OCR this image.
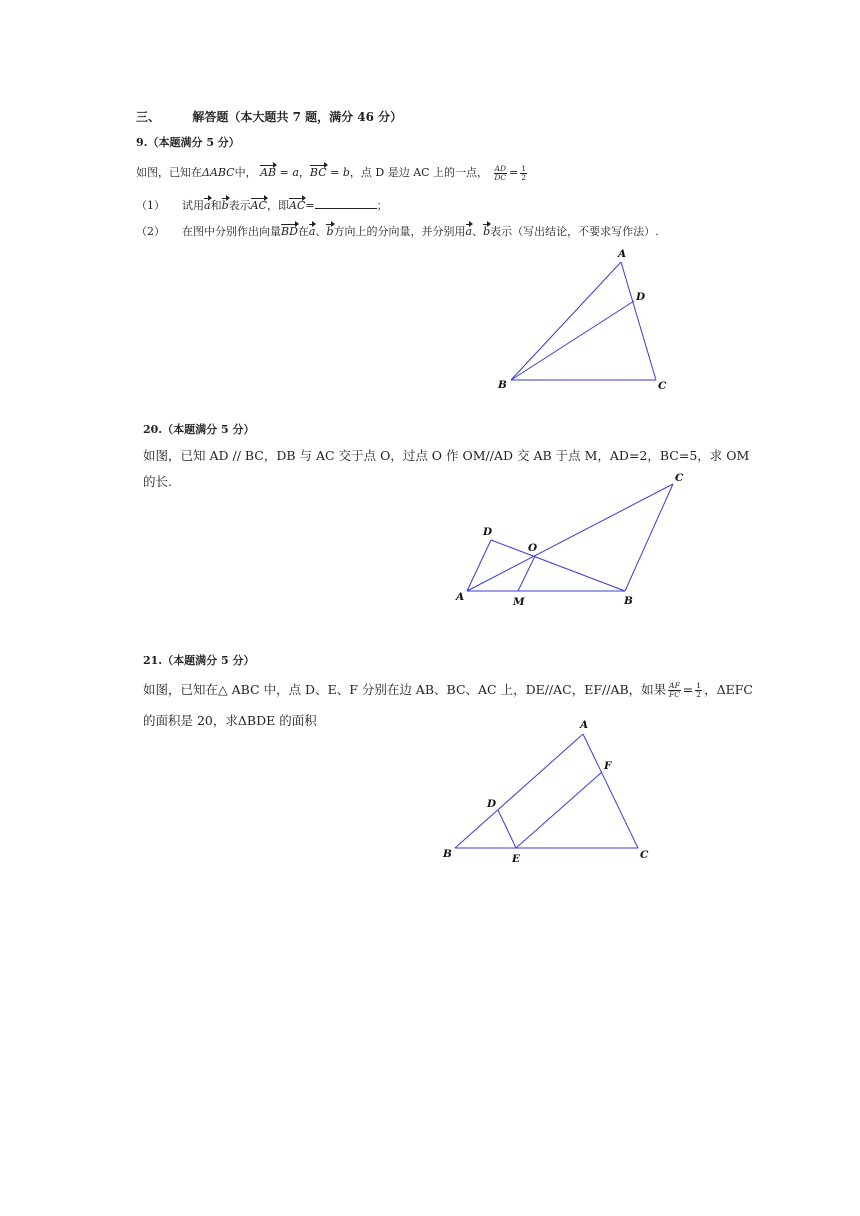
三、	解答题（本大题共 7 题，满分 46 分）
9.（本题满分 5 分）
如图，已知在ΔABC中， AB = a，BC = b，点 D 是边 AC 上的一点， $\frac{AD}{DC} = \frac{1}{2}$
（1） 试用a和b表示AC，即AC=	；
（2） 在图中分别作出向量BD在a、b方向上的分向量，并分别用a、b表示（写出结论，不要求写作法）.
A
D
B	C
20.（本题满分 5 分）
如图，已知 AD // BC，DB 与 AC 交于点 O，过点 O 作 OM//AD 交 AB 于点 M，AD=2，BC=5，求 OM
的长.
D
O
C
A	M	B
21.（本题满分 5 分）
如图，已知在△ ABC 中，点 D、E、F 分别在边 AB、BC、AC 上，DE//AC，EF//AB，如果 $\frac{AF}{FC} = \frac{1}{2}$ ，ΔEFC
的面积是 20，求ΔBDE 的面积	A
F
D
B	E	C
